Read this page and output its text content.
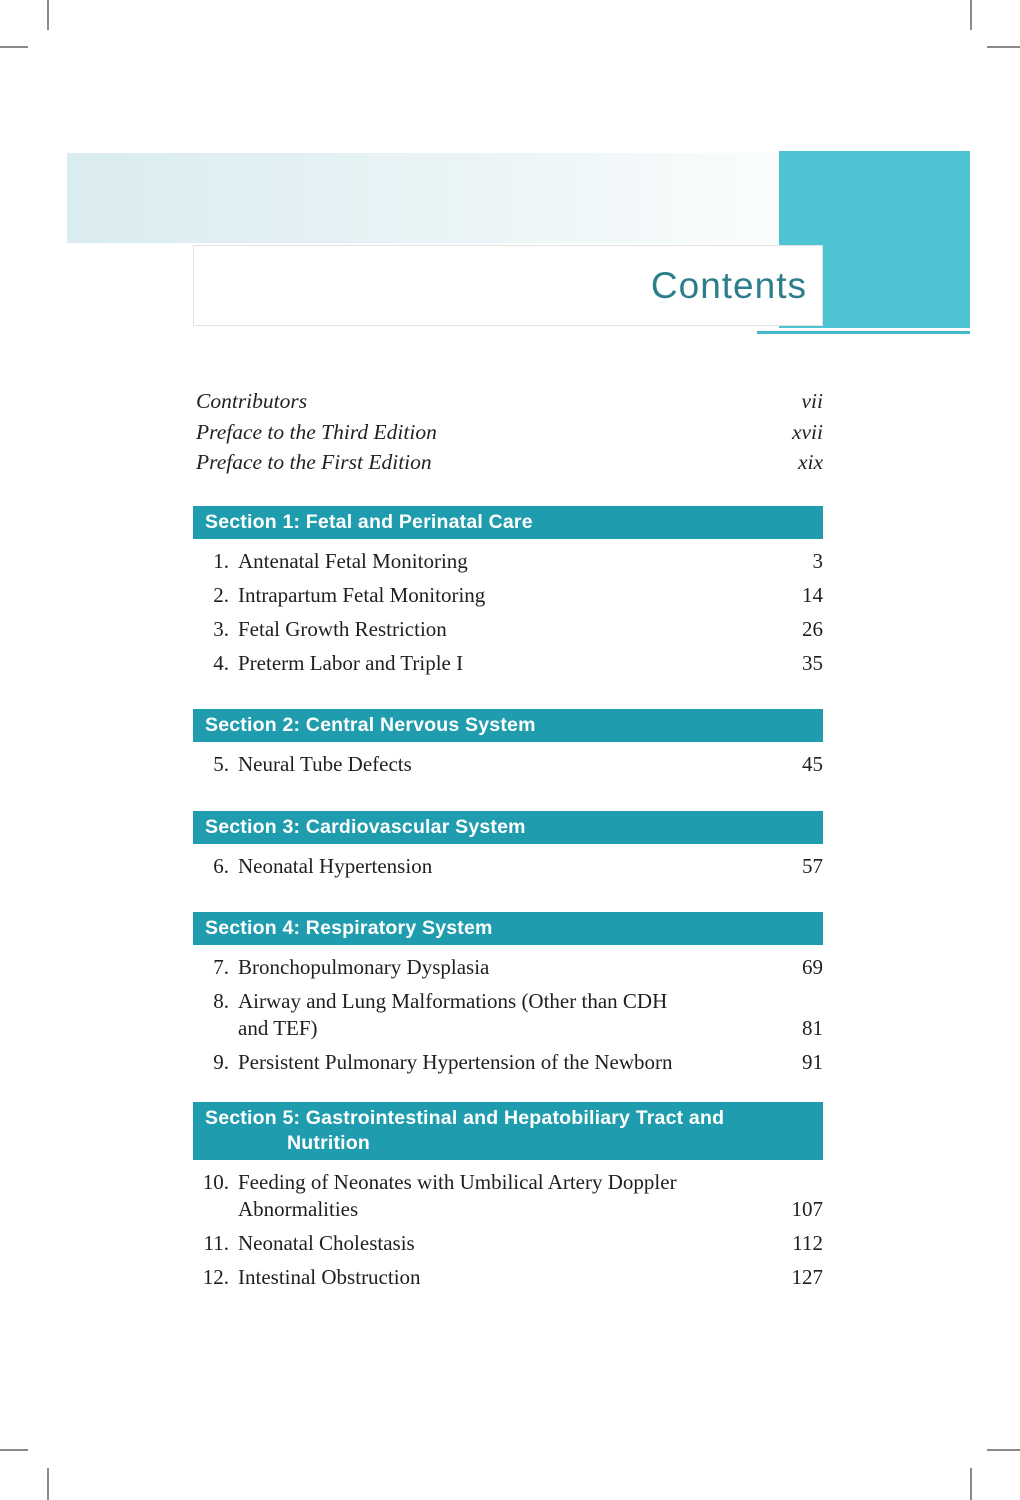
Contents
Contributors	vii
Preface to the Third Edition	xvii
Preface to the First Edition	xix
Section 1: Fetal and Perinatal Care
1. Antenatal Fetal Monitoring	3
2. Intrapartum Fetal Monitoring	14
3. Fetal Growth Restriction	26
4. Preterm Labor and Triple I	35
Section 2: Central Nervous System
5. Neural Tube Defects	45
Section 3: Cardiovascular System
6. Neonatal Hypertension	57
Section 4: Respiratory System
7. Bronchopulmonary Dysplasia	69
8. Airway and Lung Malformations (Other than CDH
and TEF)	81
9. Persistent Pulmonary Hypertension of the Newborn	91
Section 5: Gastrointestinal and Hepatobiliary Tract and
Nutrition
10. Feeding of Neonates with Umbilical Artery Doppler
Abnormalities	107
11. Neonatal Cholestasis	112
12. Intestinal Obstruction	127
